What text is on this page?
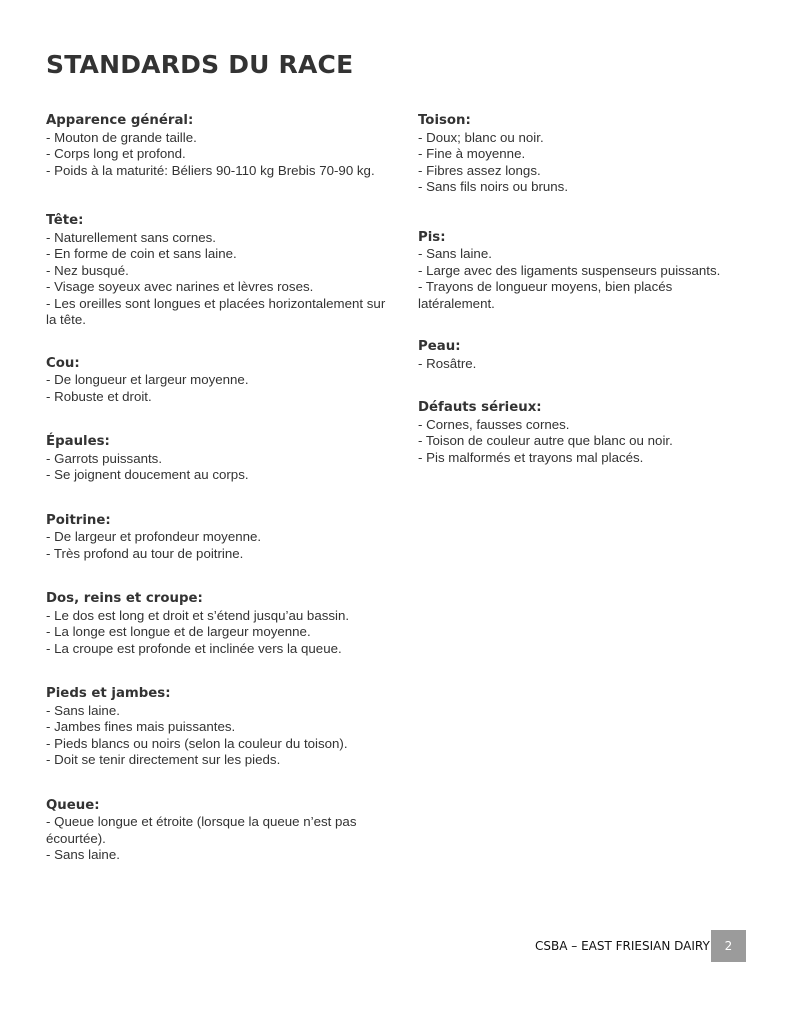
STANDARDS DU RACE
Apparence général:
- Mouton de grande taille.
- Corps long et profond.
- Poids à la maturité: Béliers 90-110 kg Brebis 70-90 kg.
Tête:
- Naturellement sans cornes.
- En forme de coin et sans laine.
- Nez busqué.
- Visage soyeux avec narines et lèvres roses.
- Les oreilles sont longues et placées horizontalement sur la tête.
Cou:
- De longueur et largeur moyenne.
- Robuste et droit.
Épaules:
- Garrots puissants.
- Se joignent doucement au corps.
Poitrine:
- De largeur et profondeur moyenne.
- Très profond au tour de poitrine.
Dos, reins et croupe:
- Le dos est long et droit et s’étend jusqu’au bassin.
- La longe est longue et de largeur moyenne.
- La croupe est profonde et inclinée vers la queue.
Pieds et jambes:
- Sans laine.
- Jambes fines mais puissantes.
- Pieds blancs ou noirs (selon la couleur du toison).
- Doit se tenir directement sur les pieds.
Queue:
- Queue longue et étroite (lorsque la queue n’est pas écourtée).
- Sans laine.
Toison:
- Doux; blanc ou noir.
- Fine à moyenne.
- Fibres assez longs.
- Sans fils noirs ou bruns.
Pis:
- Sans laine.
- Large avec des ligaments suspenseurs puissants.
- Trayons de longueur moyens, bien placés latéralement.
Peau:
- Rosâtre.
Défauts sérieux:
- Cornes, fausses cornes.
- Toison de couleur autre que blanc ou noir.
- Pis malformés et trayons mal placés.
CSBA – EAST FRIESIAN DAIRY	2
